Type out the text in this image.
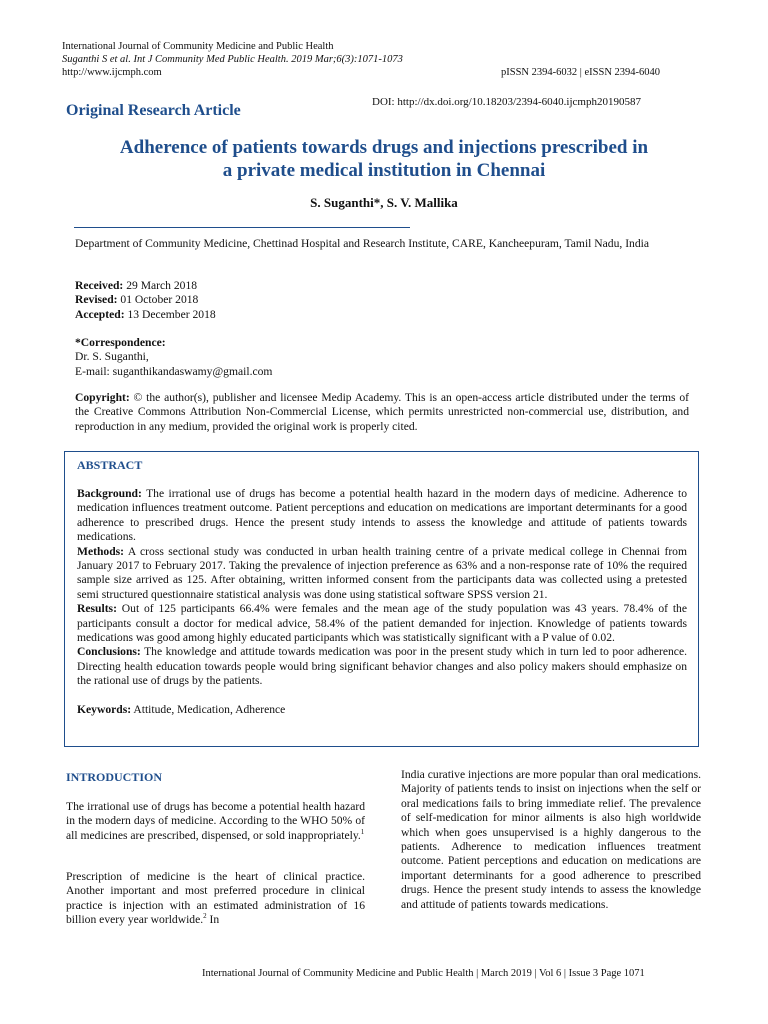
International Journal of Community Medicine and Public Health
Suganthi S et al. Int J Community Med Public Health. 2019 Mar;6(3):1071-1073
http://www.ijcmph.com	pISSN 2394-6032 | eISSN 2394-6040
Original Research Article	DOI: http://dx.doi.org/10.18203/2394-6040.ijcmph20190587
Adherence of patients towards drugs and injections prescribed in
a private medical institution in Chennai
S. Suganthi*, S. V. Mallika
Department of Community Medicine, Chettinad Hospital and Research Institute, CARE, Kancheepuram, Tamil Nadu, India
Received: 29 March 2018
Revised: 01 October 2018
Accepted: 13 December 2018
*Correspondence:
Dr. S. Suganthi,
E-mail: suganthikandaswamy@gmail.com
Copyright: © the author(s), publisher and licensee Medip Academy. This is an open-access article distributed under the terms of the Creative Commons Attribution Non-Commercial License, which permits unrestricted non-commercial use, distribution, and reproduction in any medium, provided the original work is properly cited.
ABSTRACT

Background: The irrational use of drugs has become a potential health hazard in the modern days of medicine. Adherence to medication influences treatment outcome. Patient perceptions and education on medications are important determinants for a good adherence to prescribed drugs. Hence the present study intends to assess the knowledge and attitude of patients towards medications.

Methods: A cross sectional study was conducted in urban health training centre of a private medical college in Chennai from January 2017 to February 2017. Taking the prevalence of injection preference as 63% and a non-response rate of 10% the required sample size arrived as 125. After obtaining, written informed consent from the participants data was collected using a pretested semi structured questionnaire statistical analysis was done using statistical software SPSS version 21.

Results: Out of 125 participants 66.4% were females and the mean age of the study population was 43 years. 78.4% of the participants consult a doctor for medical advice, 58.4% of the patient demanded for injection. Knowledge of patients towards medications was good among highly educated participants which was statistically significant with a P value of 0.02.

Conclusions: The knowledge and attitude towards medication was poor in the present study which in turn led to poor adherence. Directing health education towards people would bring significant behavior changes and also policy makers should emphasize on the rational use of drugs by the patients.

Keywords: Attitude, Medication, Adherence

INTRODUCTION
The irrational use of drugs has become a potential health hazard in the modern days of medicine. According to the WHO 50% of all medicines are prescribed, dispensed, or sold inappropriately.$^1$
Prescription of medicine is the heart of clinical practice. Another important and most preferred procedure in clinical practice is injection with an estimated administration of 16 billion every year worldwide.$^2$ In
India curative injections are more popular than oral medications. Majority of patients tends to insist on injections when the self or oral medications fails to bring immediate relief. The prevalence of self-medication for minor ailments is also high worldwide which when goes unsupervised is a highly dangerous to the patients. Adherence to medication influences treatment outcome. Patient perceptions and education on medications are important determinants for a good adherence to prescribed drugs. Hence the present study intends to assess the knowledge and attitude of patients towards medications.
International Journal of Community Medicine and Public Health | March 2019 | Vol 6 | Issue 3 Page 1071
